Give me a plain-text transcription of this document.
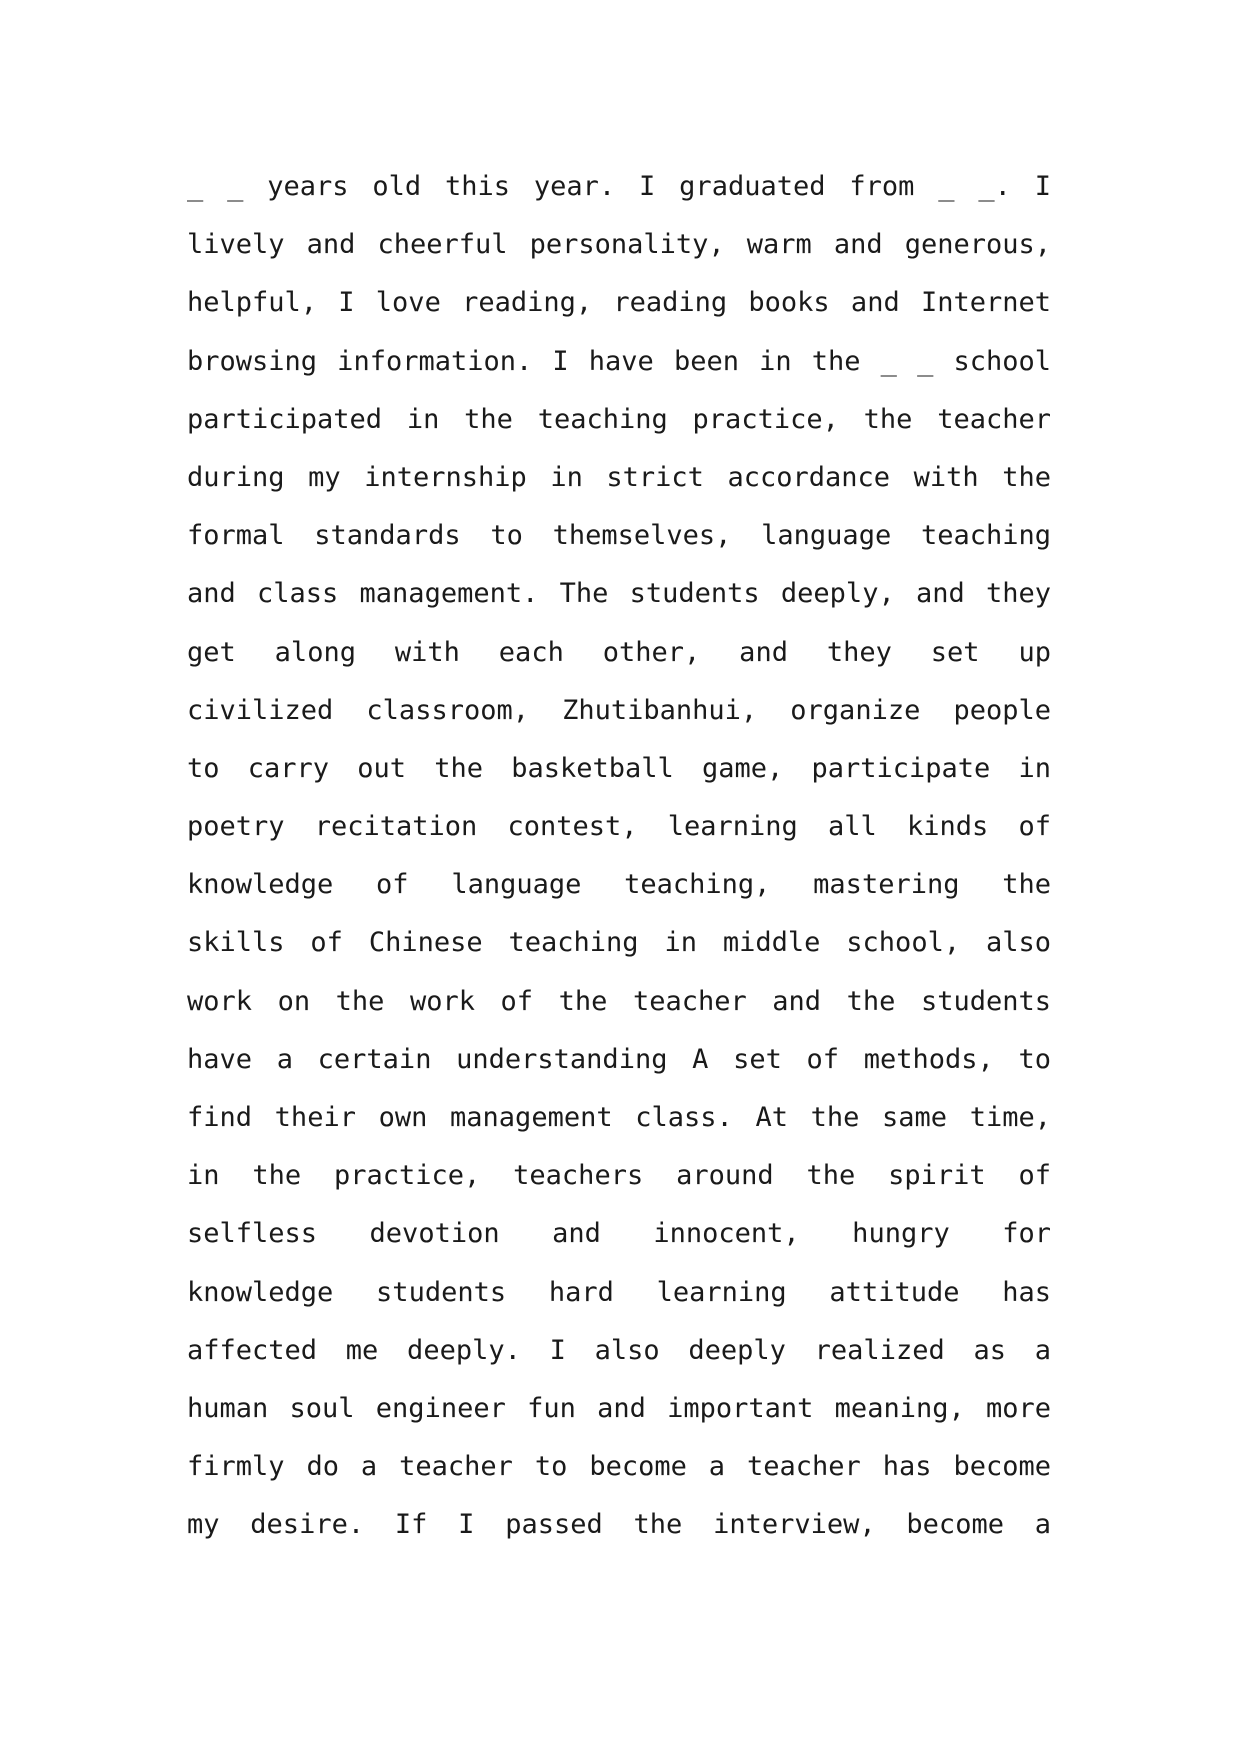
_ _ years old this year. I graduated from _ _. I
lively and cheerful personality, warm and generous,
helpful, I love reading, reading books and Internet
browsing information. I have been in the _ _ school
participated in the teaching practice, the teacher
during my internship in strict accordance with the
formal standards to themselves, language teaching
and class management. The students deeply, and they
get along with each other, and they set up
civilized classroom, Zhutibanhui, organize people
to carry out the basketball game, participate in
poetry recitation contest, learning all kinds of
knowledge of language teaching, mastering the
skills of Chinese teaching in middle school, also
work on the work of the teacher and the students
have a certain understanding A set of methods, to
find their own management class. At the same time,
in the practice, teachers around the spirit of
selfless devotion and innocent, hungry for
knowledge students hard learning attitude has
affected me deeply. I also deeply realized as a
human soul engineer fun and important meaning, more
firmly do a teacher to become a teacher has become
my desire. If I passed the interview, become a
